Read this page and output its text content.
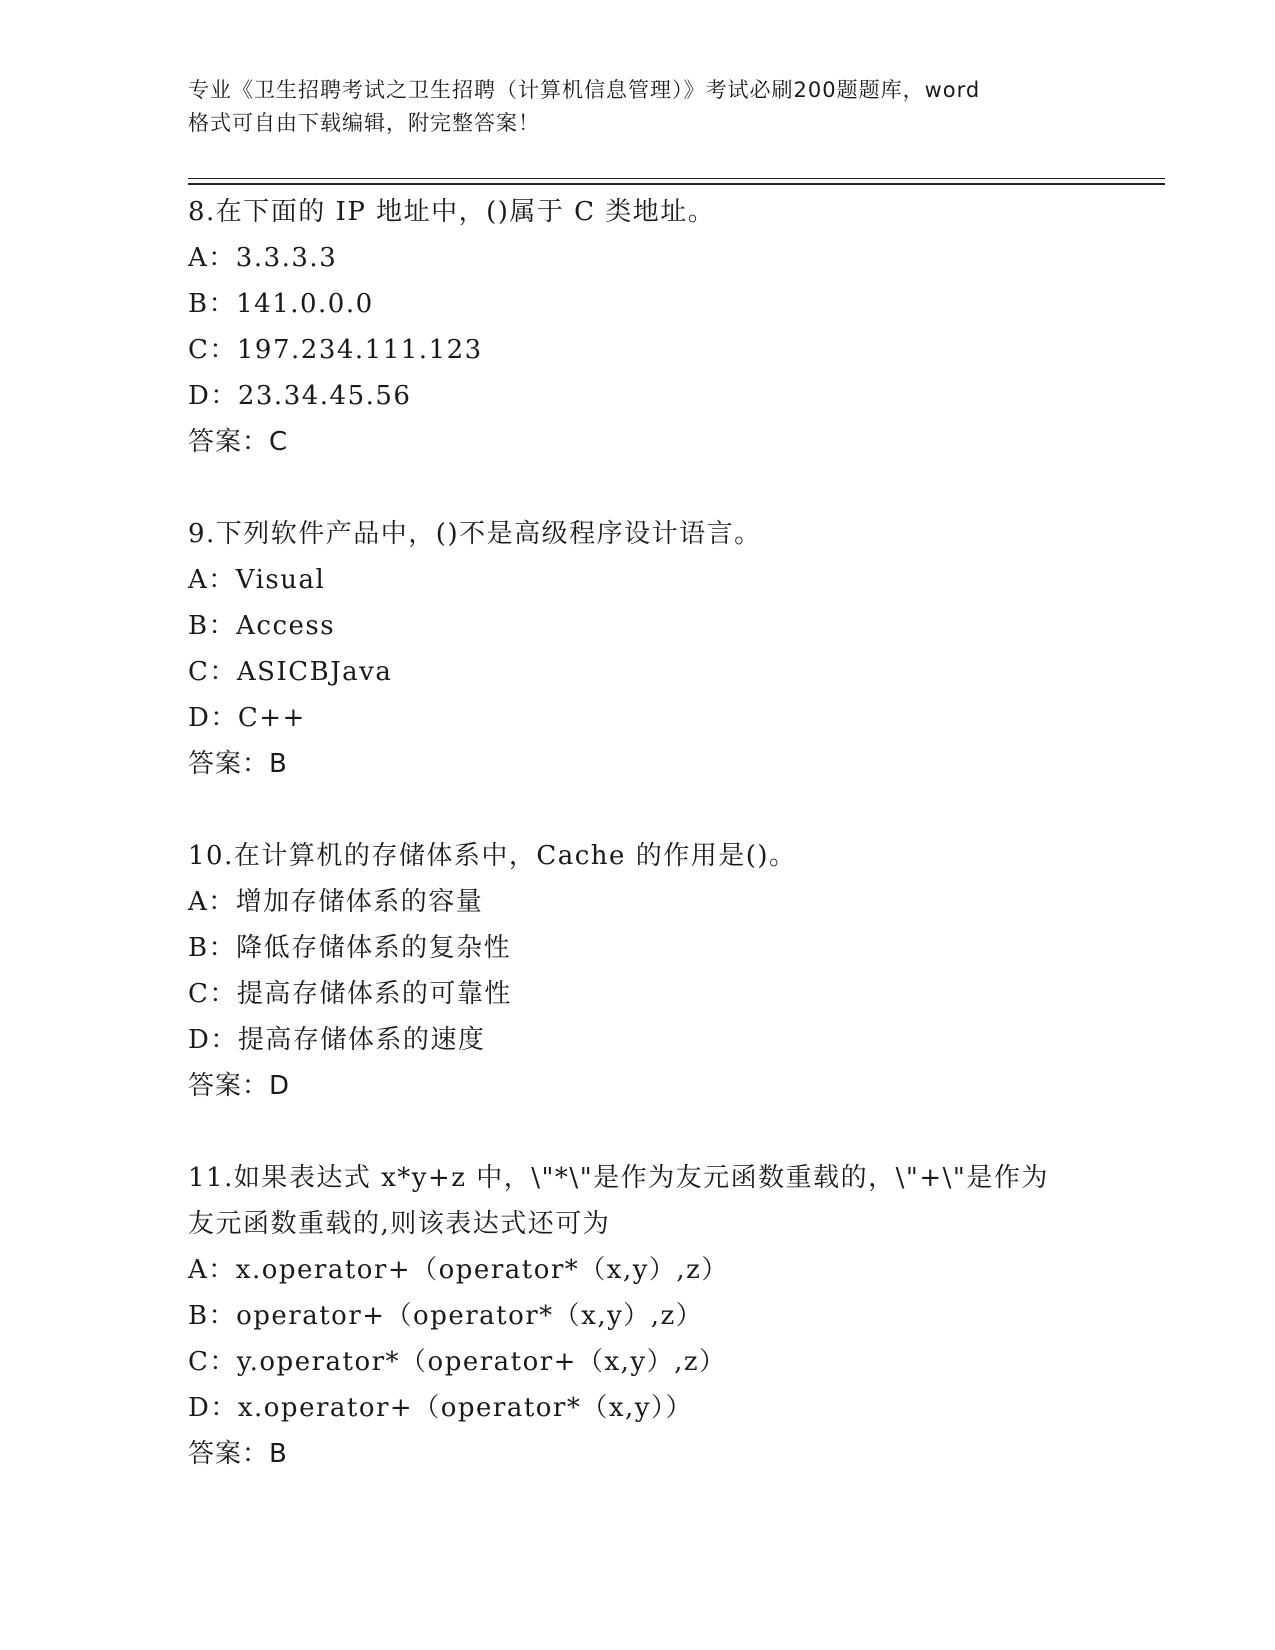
专业《卫生招聘考试之卫生招聘（计算机信息管理）》考试必刷200题题库，word
格式可自由下载编辑，附完整答案！
8.在下面的 IP 地址中，()属于 C 类地址。
A：3.3.3.3
B：141.0.0.0
C：197.234.111.123
D：23.34.45.56
答案：C
9.下列软件产品中，()不是高级程序设计语言。
A：Visual
B：Access
C：ASICBJava
D：C++
答案：B
10.在计算机的存储体系中，Cache 的作用是()。
A：增加存储体系的容量
B：降低存储体系的复杂性
C：提高存储体系的可靠性
D：提高存储体系的速度
答案：D
11.如果表达式 x*y+z 中，\"*\"是作为友元函数重载的，\"+\"是作为友元函数重载的,则该表达式还可为
A：x.operator+（operator*（x,y）,z）
B：operator+（operator*（x,y）,z）
C：y.operator*（operator+（x,y）,z）
D：x.operator+（operator*（x,y））
答案：B
